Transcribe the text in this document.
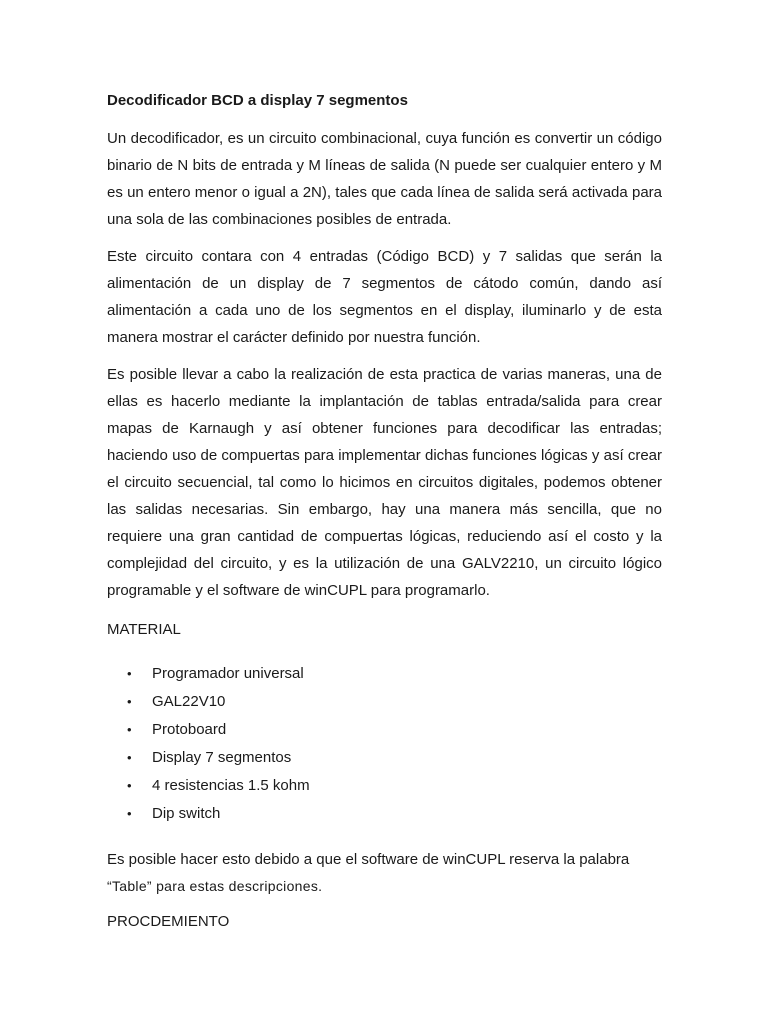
Decodificador BCD a display 7 segmentos

Un decodificador, es un circuito combinacional, cuya función es convertir un código binario de N bits de entrada y M líneas de salida (N puede ser cualquier entero y M es un entero menor o igual a 2N), tales que cada línea de salida será activada para una sola de las combinaciones posibles de entrada.

Este circuito contara con 4 entradas (Código BCD) y 7 salidas que serán la alimentación de un display de 7 segmentos de cátodo común, dando así alimentación a cada uno de los segmentos en el display, iluminarlo y de esta manera mostrar el carácter definido por nuestra función.

Es posible llevar a cabo la realización de esta practica de varias maneras, una de ellas es hacerlo mediante la implantación de tablas entrada/salida para crear mapas de Karnaugh y así obtener funciones para decodificar las entradas; haciendo uso de compuertas para implementar dichas funciones lógicas y así crear el circuito secuencial, tal como lo hicimos en circuitos digitales, podemos obtener las salidas necesarias. Sin embargo, hay una manera más sencilla, que no requiere una gran cantidad de compuertas lógicas, reduciendo así el costo y la complejidad del circuito, y es la utilización de una GALV2210, un circuito lógico programable y el software de winCUPL para programarlo.

MATERIAL
• Programador universal
• GAL22V10
• Protoboard
• Display 7 segmentos
• 4 resistencias 1.5 kohm
• Dip switch

Es posible hacer esto debido a que el software de winCUPL reserva la palabra

“Table” para estas descripciones.

PROCDEMIENTO
